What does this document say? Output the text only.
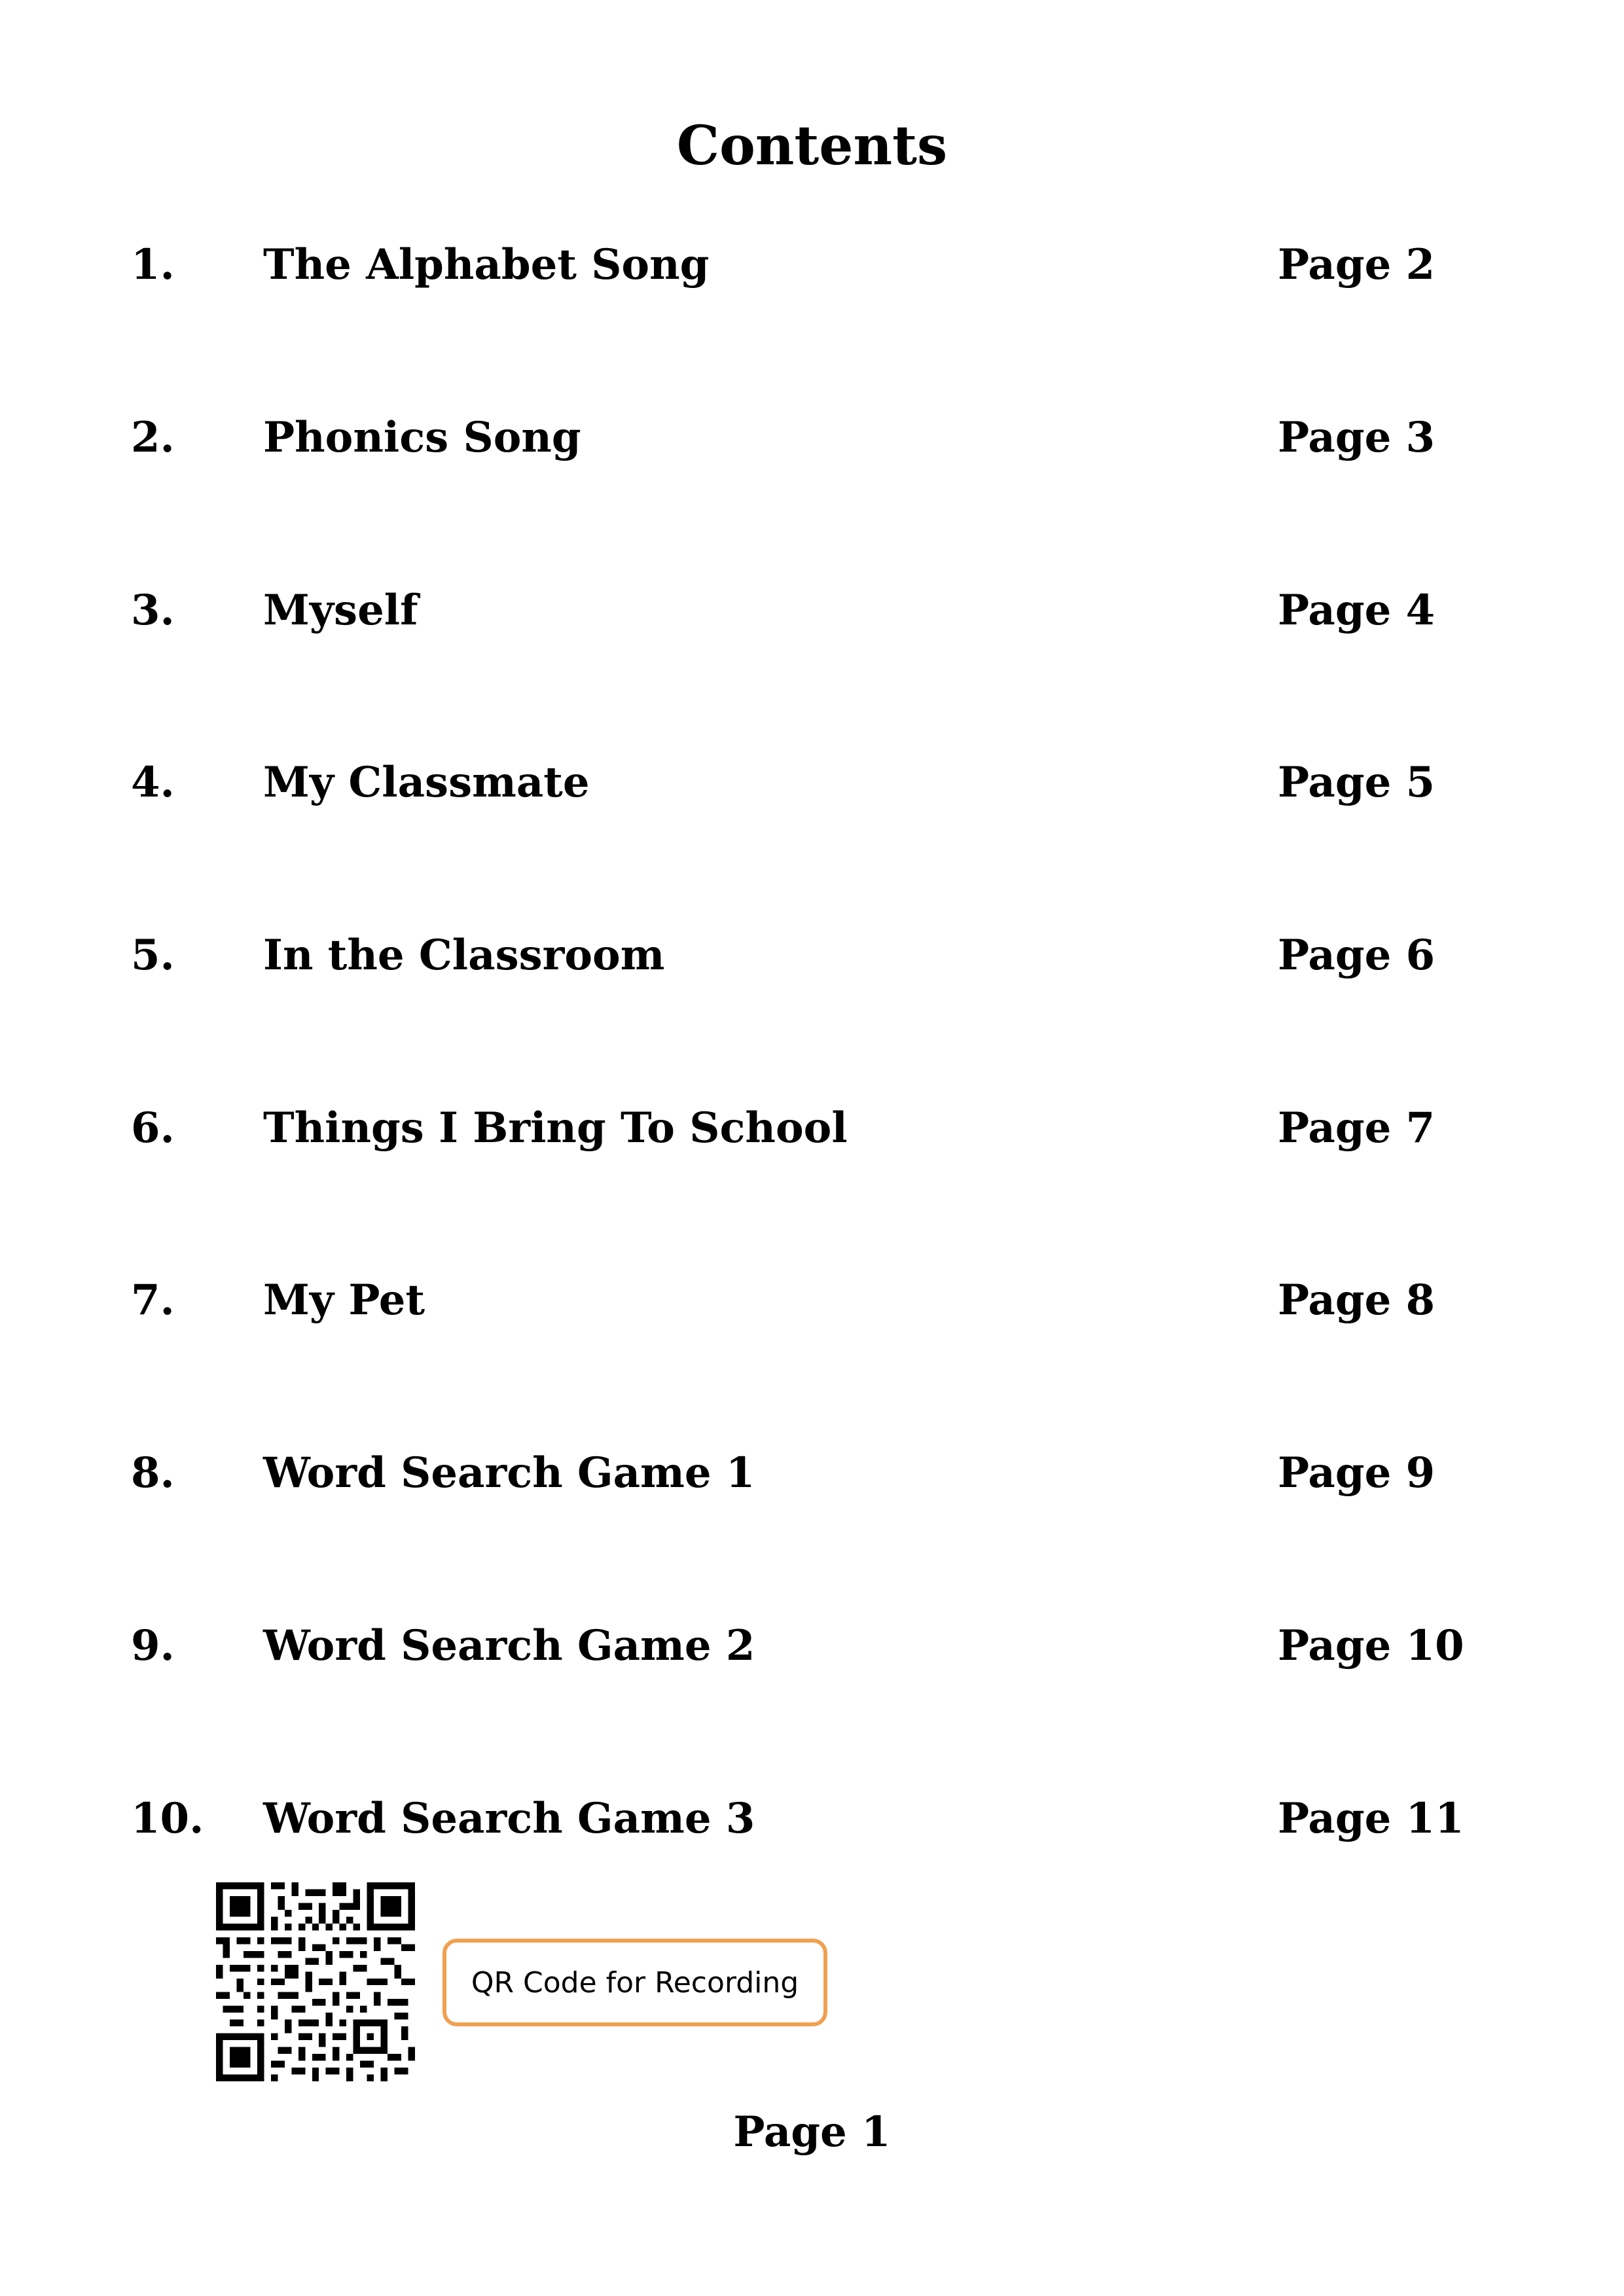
Contents
1. The Alphabet Song	Page 2
2. Phonics Song	Page 3
3. Myself	Page 4
4. My Classmate	Page 5
5. In the Classroom	Page 6
6. Things I Bring To School	Page 7
7. My Pet	Page 8
8. Word Search Game 1	Page 9
9. Word Search Game 2	Page 10
10. Word Search Game 3	Page 11
QR Code for Recording
Page 1
